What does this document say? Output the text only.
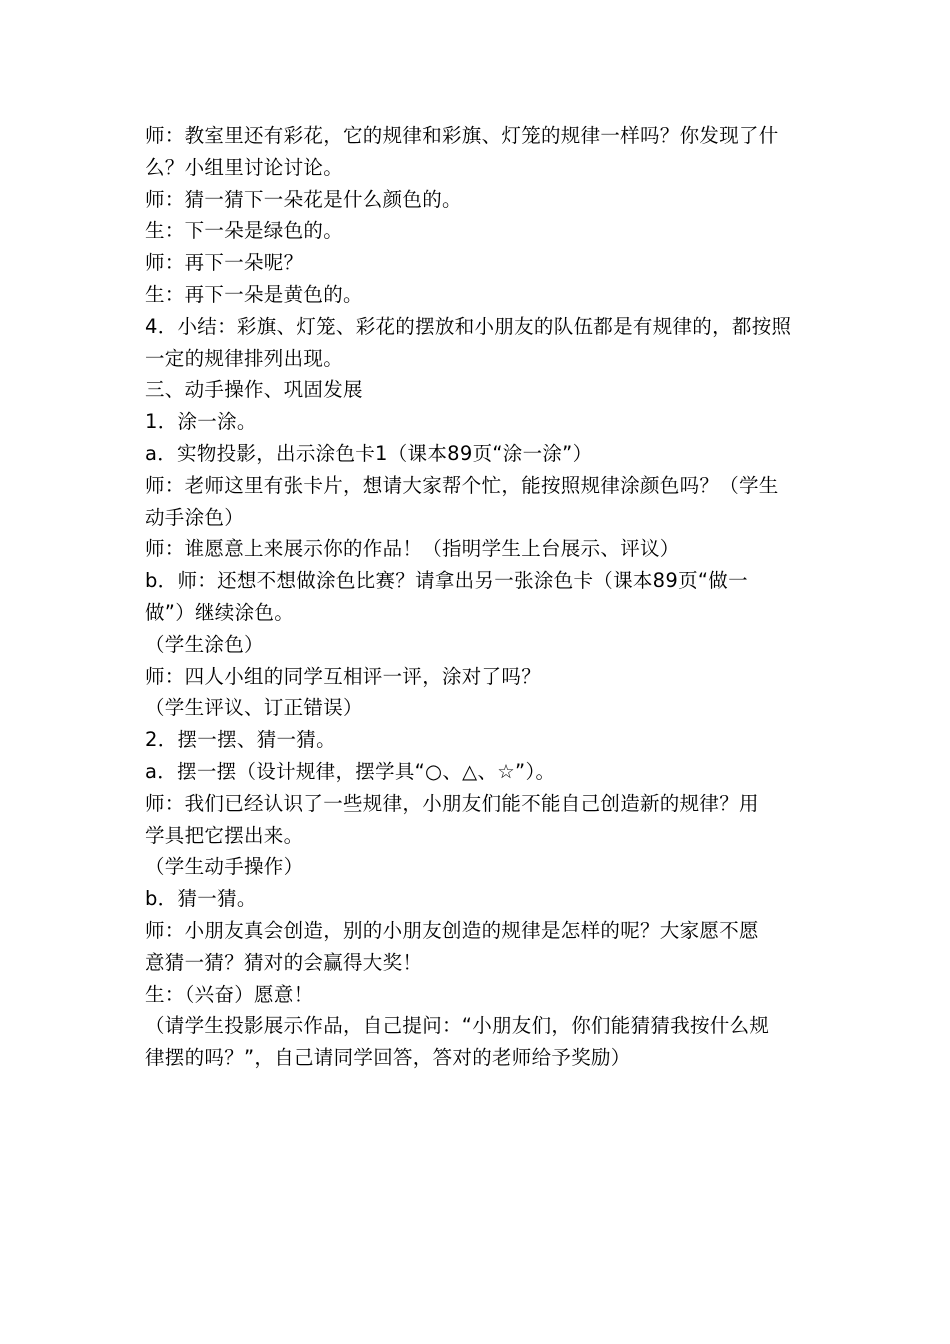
师：教室里还有彩花，它的规律和彩旗、灯笼的规律一样吗？你发现了什

么？小组里讨论讨论。

师：猜一猜下一朵花是什么颜色的。

生：下一朵是绿色的。

师：再下一朵呢？

生：再下一朵是黄色的。

4．小结：彩旗、灯笼、彩花的摆放和小朋友的队伍都是有规律的，都按照

一定的规律排列出现。

三、动手操作、巩固发展

1．涂一涂。

a．实物投影，出示涂色卡1（课本89页“涂一涂”）

师：老师这里有张卡片，想请大家帮个忙，能按照规律涂颜色吗？（学生

动手涂色）

师：谁愿意上来展示你的作品！（指明学生上台展示、评议）

b．师：还想不想做涂色比赛？请拿出另一张涂色卡（课本89页“做一

做”）继续涂色。

（学生涂色）

师：四人小组的同学互相评一评，涂对了吗？

（学生评议、订正错误）

2．摆一摆、猜一猜。

a．摆一摆（设计规律，摆学具“○、△、☆”）。

师：我们已经认识了一些规律，小朋友们能不能自己创造新的规律？用

学具把它摆出来。

（学生动手操作）

b．猜一猜。

师：小朋友真会创造，别的小朋友创造的规律是怎样的呢？大家愿不愿

意猜一猜？猜对的会赢得大奖！

生：（兴奋）愿意！

（请学生投影展示作品，自己提问：“小朋友们，你们能猜猜我按什么规

律摆的吗？”，自己请同学回答，答对的老师给予奖励）
